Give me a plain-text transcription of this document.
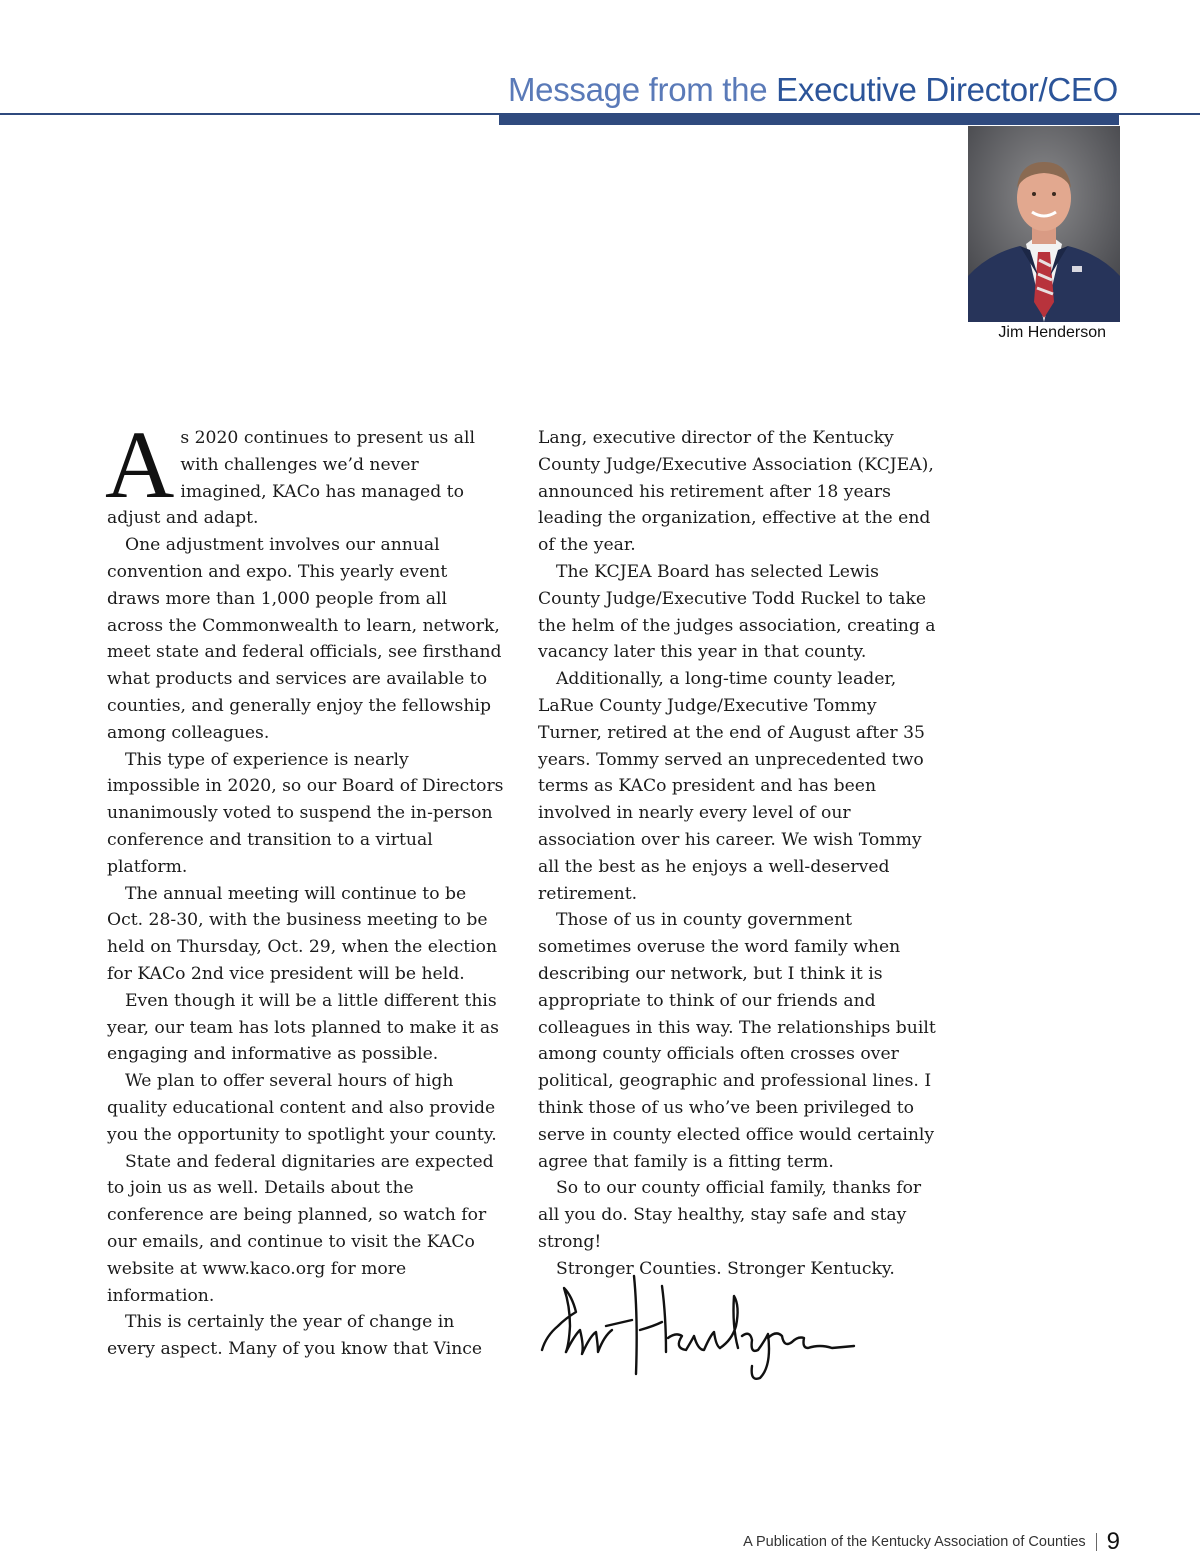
Message from the Executive Director/CEO
Jim Henderson

As 2020 continues to present us all with challenges we’d never imagined, KACo has managed to adjust and adapt.

One adjustment involves our annual convention and expo. This yearly event draws more than 1,000 people from all across the Commonwealth to learn, network, meet state and federal officials, see firsthand what products and services are available to counties, and generally enjoy the fellowship among colleagues.

This type of experience is nearly impossible in 2020, so our Board of Directors unanimously voted to suspend the in-person conference and transition to a virtual platform.

The annual meeting will continue to be Oct. 28-30, with the business meeting to be held on Thursday, Oct. 29, when the election for KACo 2nd vice president will be held.

Even though it will be a little different this year, our team has lots planned to make it as engaging and informative as possible.

We plan to offer several hours of high quality educational content and also provide you the opportunity to spotlight your county.

State and federal dignitaries are expected to join us as well. Details about the conference are being planned, so watch for our emails, and continue to visit the KACo website at www.kaco.org for more information.

This is certainly the year of change in every aspect. Many of you know that Vince

Lang, executive director of the Kentucky County Judge/Executive Association (KCJEA), announced his retirement after 18 years leading the organization, effective at the end of the year.

The KCJEA Board has selected Lewis County Judge/Executive Todd Ruckel to take the helm of the judges association, creating a vacancy later this year in that county.

Additionally, a long-time county leader, LaRue County Judge/Executive Tommy Turner, retired at the end of August after 35 years. Tommy served an unprecedented two terms as KACo president and has been involved in nearly every level of our association over his career. We wish Tommy all the best as he enjoys a well-deserved retirement.

Those of us in county government sometimes overuse the word family when describing our network, but I think it is appropriate to think of our friends and colleagues in this way. The relationships built among county officials often crosses over political, geographic and professional lines. I think those of us who’ve been privileged to serve in county elected office would certainly agree that family is a fitting term.

So to our county official family, thanks for all you do. Stay healthy, stay safe and stay strong!

Stronger Counties. Stronger Kentucky.

A Publication of the Kentucky Association of Counties 9
